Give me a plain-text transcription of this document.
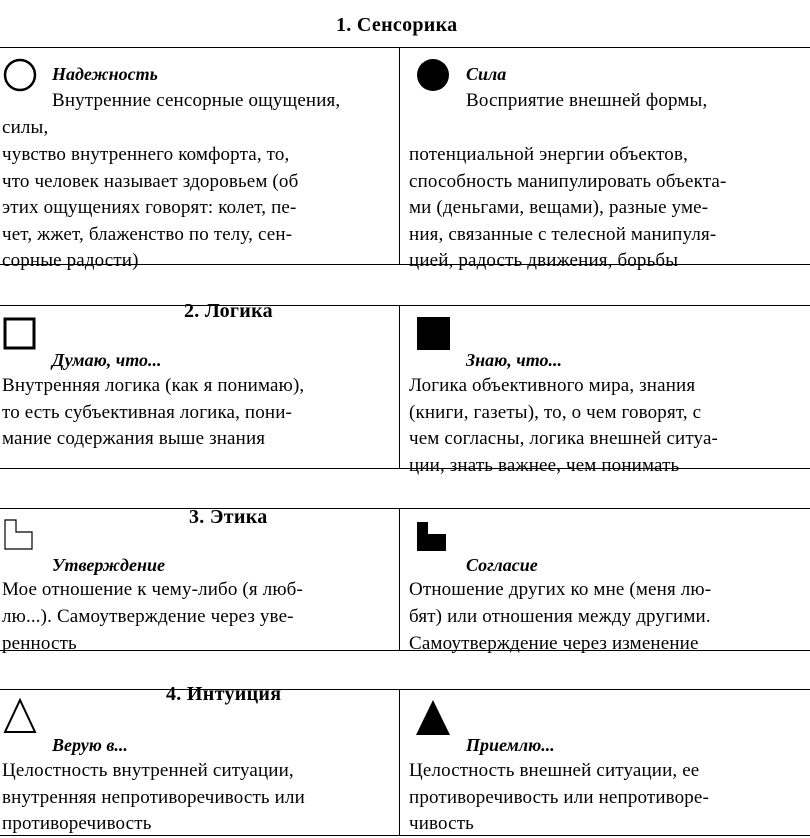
1. Сенсорика
Надежность
Внутренние сенсорные ощущения,
силы,
чувство внутреннего комфорта, то,
что человек называет здоровьем (об
этих ощущениях говорят: колет, пе-
чет, жжет, блаженство по телу, сен-
сорные радости)
Сила
Восприятие внешней формы,
потенциальной энергии объектов,
способность манипулировать объекта-
ми (деньгами, вещами), разные уме-
ния, связанные с телесной манипуля-
цией, радость движения, борьбы
2. Логика
Думаю, что...
Внутренняя логика (как я понимаю),
то есть субъективная логика, пони-
мание содержания выше знания
Знаю, что...
Логика объективного мира, знания
(книги, газеты), то, о чем говорят, с
чем согласны, логика внешней ситуа-
ции, знать важнее, чем понимать
3. Этика
Утверждение
Мое отношение к чему-либо (я люб-
лю...). Самоутверждение через уве-
ренность
Согласие
Отношение других ко мне (меня лю-
бят) или отношения между другими.
Самоутверждение через изменение
4. Интуиция
Верую в...
Целостность внутренней ситуации,
внутренняя непротиворечивость или
противоречивость
Приемлю...
Целостность внешней ситуации, ее
противоречивость или непротиворе-
чивость
